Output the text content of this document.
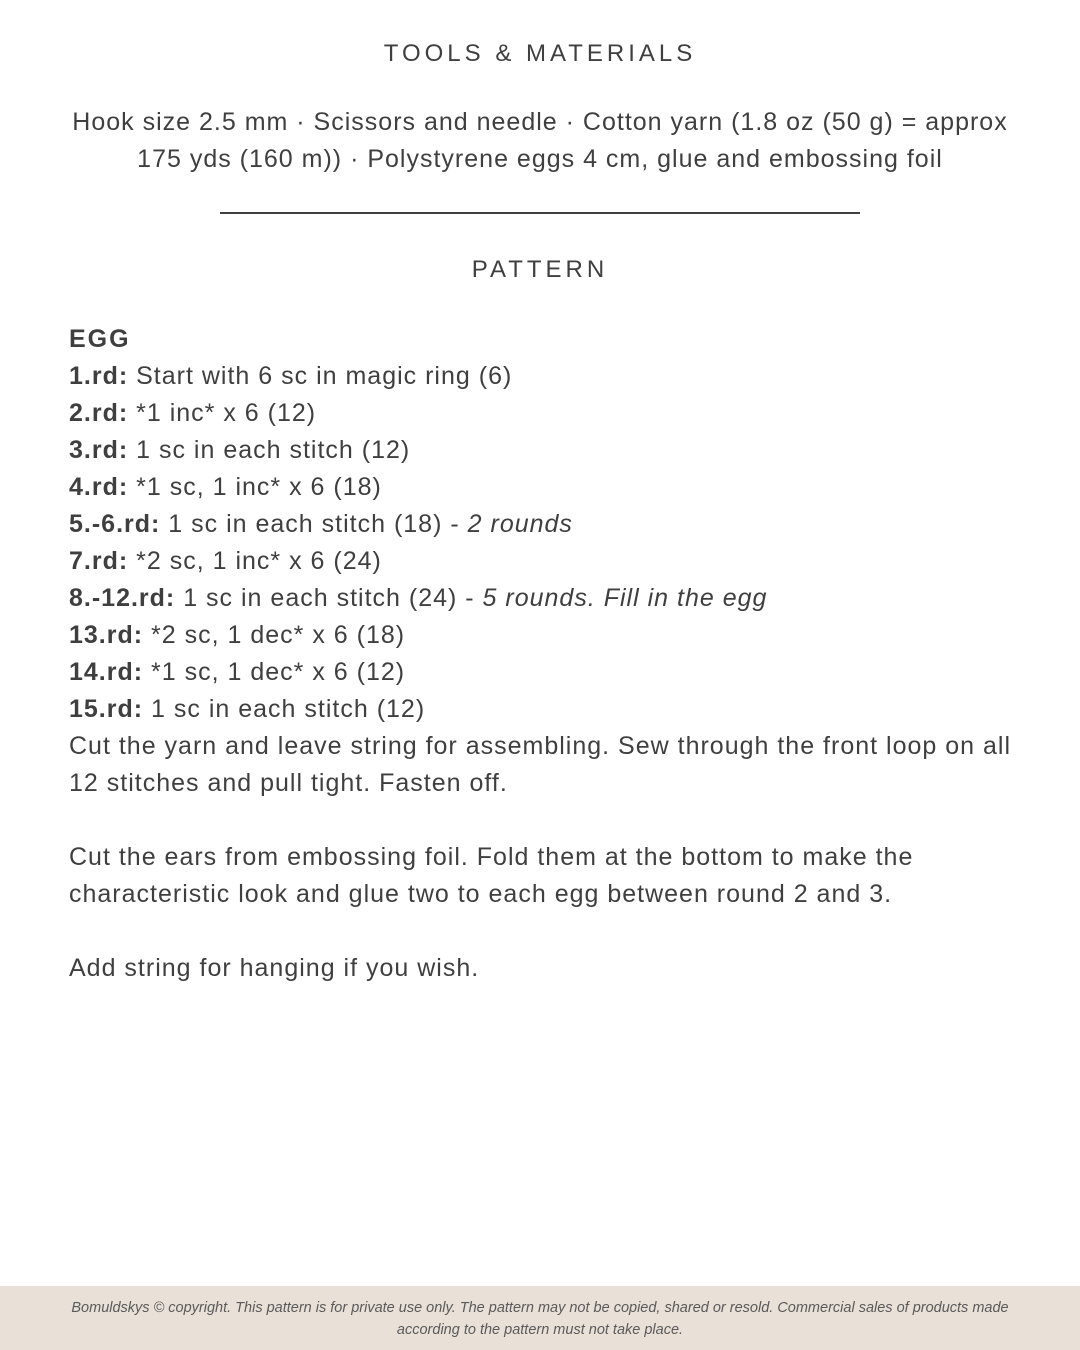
TOOLS & MATERIALS
Hook size 2.5 mm · Scissors and needle · Cotton yarn (1.8 oz (50 g) = approx 175 yds (160 m)) · Polystyrene eggs 4 cm, glue and embossing foil
PATTERN
EGG
1.rd: Start with 6 sc in magic ring (6)
2.rd: *1 inc* x 6 (12)
3.rd: 1 sc in each stitch (12)
4.rd: *1 sc, 1 inc* x 6 (18)
5.-6.rd: 1 sc in each stitch (18) - 2 rounds
7.rd: *2 sc, 1 inc* x 6 (24)
8.-12.rd: 1 sc in each stitch (24) - 5 rounds. Fill in the egg
13.rd: *2 sc, 1 dec* x 6 (18)
14.rd: *1 sc, 1 dec* x 6 (12)
15.rd: 1 sc in each stitch (12)

Cut the yarn and leave string for assembling. Sew through the front loop on all 12 stitches and pull tight. Fasten off.

Cut the ears from embossing foil. Fold them at the bottom to make the characteristic look and glue two to each egg between round 2 and 3.

Add string for hanging if you wish.

Bomuldskys © copyright. This pattern is for private use only. The pattern may not be copied, shared or resold. Commercial sales of products made according to the pattern must not take place.
